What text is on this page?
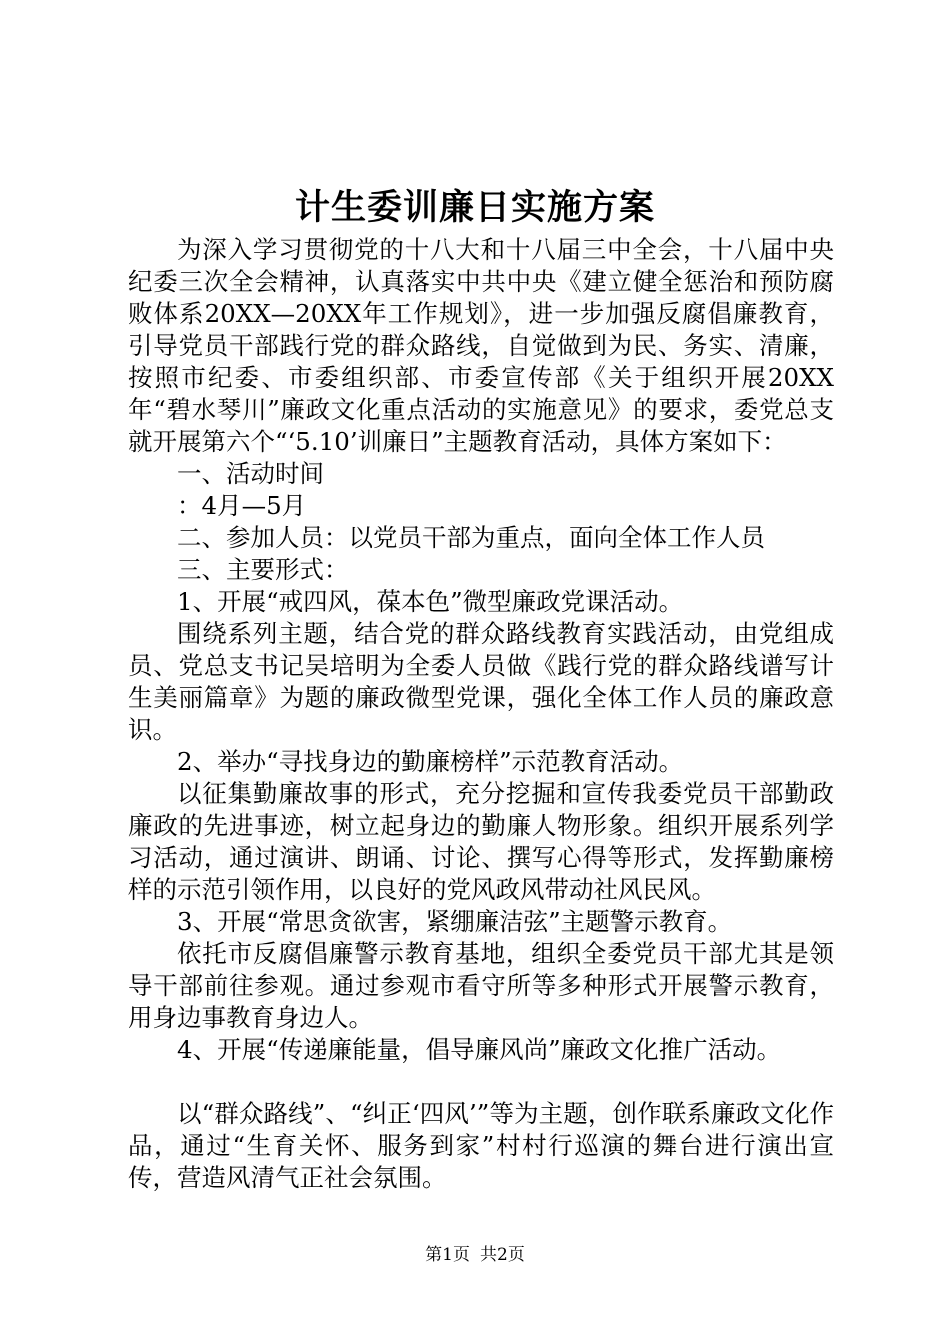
计生委训廉日实施方案

为深入学习贯彻党的十八大和十八届三中全会，十八届中央纪委三次全会精神，认真落实中共中央《建立健全惩治和预防腐败体系20XX—20XX年工作规划》，进一步加强反腐倡廉教育，引导党员干部践行党的群众路线，自觉做到为民、务实、清廉，按照市纪委、市委组织部、市委宣传部《关于组织开展20XX年“碧水琴川”廉政文化重点活动的实施意见》的要求，委党总支就开展第六个“‘5.10’训廉日”主题教育活动，具体方案如下：

一、活动时间

：4月—5月

二、参加人员：以党员干部为重点，面向全体工作人员

三、主要形式：

1、开展“戒四风，葆本色”微型廉政党课活动。

围绕系列主题，结合党的群众路线教育实践活动，由党组成员、党总支书记吴培明为全委人员做《践行党的群众路线谱写计生美丽篇章》为题的廉政微型党课，强化全体工作人员的廉政意识。

2、举办“寻找身边的勤廉榜样”示范教育活动。

以征集勤廉故事的形式，充分挖掘和宣传我委党员干部勤政廉政的先进事迹，树立起身边的勤廉人物形象。组织开展系列学习活动，通过演讲、朗诵、讨论、撰写心得等形式，发挥勤廉榜样的示范引领作用，以良好的党风政风带动社风民风。

3、开展“常思贪欲害，紧绷廉洁弦”主题警示教育。

依托市反腐倡廉警示教育基地，组织全委党员干部尤其是领导干部前往参观。通过参观市看守所等多种形式开展警示教育，用身边事教育身边人。

4、开展“传递廉能量，倡导廉风尚”廉政文化推广活动。

以“群众路线”、“纠正‘四风’”等为主题，创作联系廉政文化作品，通过“生育关怀、服务到家”村村行巡演的舞台进行演出宣传，营造风清气正社会氛围。

第1页 共2页
